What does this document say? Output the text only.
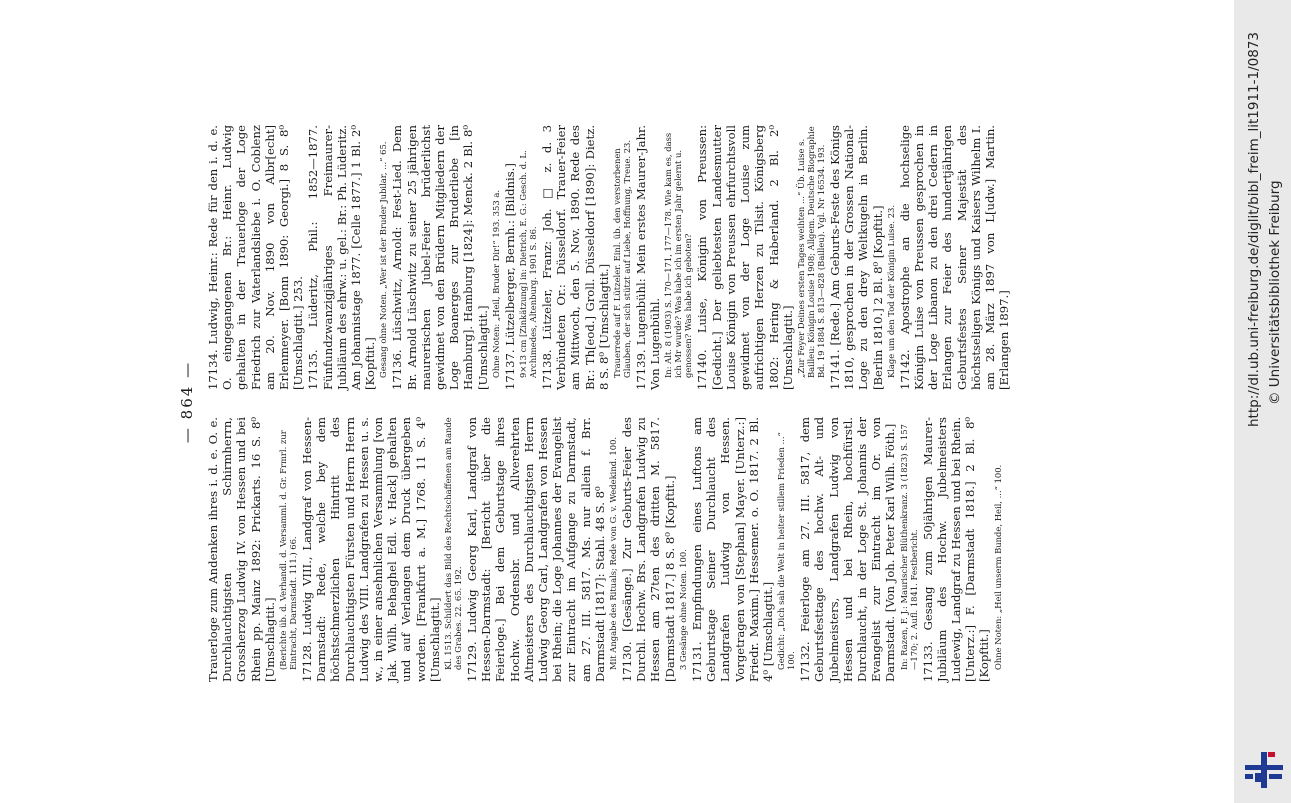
— 864 —
Trauerloge zum Andenken ihres i. d. e. O. e. Durchlauchtigsten Schirmherrn, Grossherzog Ludwig IV. von Hessen und bei Rhein pp. Mainz 1892: Prickarts. 16 S. 8⁰ [Umschlagtit.] (Berichte üb. d. Verhandl. d. Versamml. d. Gr. Frmrl. zur Eintracht, Darmstadt. 111.) 66. 17128. Ludwig VIII., Landgraf von Hessen-Darmstadt: Rede, welche bey dem höchstschmerzlichen Hintritt des Durchlauchtigsten Fürsten und Herrn Herrn Ludwig des VIII. Landgrafen zu Hessen u. s. w., in einer ansehnlichen Versammlung [von Jak. Wilh. Behaghel Edl. v. Hack] gehalten und auf Verlangen dem Druck übergeben worden. [Frankfurt a. M.] 1768. 11 S. 4⁰ [Umschlagtit.] Kl. 1513. Schildert das Bild des Rechtschaffenen am Rande des Grabes. 22. 65. 192. 17129. Ludwig Georg Karl, Landgraf von Hessen-Darmstadt: [Bericht über die Feierloge.] Bei dem Geburtstage ihres Hochw. Ordensbr. und Allverehrten Altmeisters des Durchlauchtigsten Herrn Ludwig Georg Carl, Landgrafen von Hessen bei Rhein; die Loge Johannes der Evangelist zur Eintracht im Aufgange zu Darmstadt, am 27. III. 5817. Ms. nur allein f. Brr. Darmstadt [1817]: Stahl. 48 S. 8⁰ Mit Angabe des Rituals; Rede von G. v. Wedekind. 100. 17130. [Gesänge.] Zur Geburts-Feier des Durchl. Hochw. Brs. Landgrafen Ludwig zu Hessen am 27ten des dritten M. 5817. [Darmstadt 1817.] 8 S. 8⁰ [Kopftit.] 3 Gesänge ohne Noten. 100. 17131. Empfindungen eines Luftons am Geburtstage Seiner Durchlaucht des Landgrafen Ludwig von Hessen. Vorgetragen von [Stephan] Mayer. [Unterz.:] Friedr. Maxim.] Hessemer. o. O. 1817. 2 Bl. 4⁰ [Umschlagtit.] Gedicht: „Dich sah die Welt in heiter stillem Frieden ...“ 100. 17132. Feierloge am 27. III. 5817, dem Geburtsfesttage des hochw. Alt- und Jubelmeisters, Landgrafen Ludwig von Hessen und bei Rhein, hochfürstl. Durchlaucht, in der Loge St. Johannis der Evangelist zur Eintracht im Or. von Darmstadt. [Von Joh. Peter Karl Wilh. Föth.] In: Razen, F. J.: Maurischer Blüthenkranz. 3 (1823) S. 157—170; 2. Aufl. 1841. Festbericht. 17133. Gesang zum 50jährigen Maurer-Jubiläum des Hochw. Jubelmeisters Ludewig, Landgraf zu Hessen und bei Rhein. [Unterz.:] F. [Darmstadt 1818.] 2 Bl. 8⁰ [Kopftit.] Ohne Noten: „Heil unserm Bunde, Heil, ...“ 100.
17134. Ludwig, Heinr.: Rede für den i. d. e. O. eingegangenen Br.: Heinr. Ludwig gehalten in der Trauerloge der Loge Friedrich zur Vaterlandsliebe i. O. Coblenz am 20. Nov. 1890 von Albr[echt] Erlenmeyer. [Bonn 1890: Georgi.] 8 S. 8⁰ [Umschlagtit.] 253. 17135. Lüderitz, Phil.: 1852—1877. Fünfundzwanzigjähriges Freimaurer-Jubiläum des ehrw.: u. gel.: Br.: Ph. Lüderitz. Am Johannistage 1877. [Celle 1877.] 1 Bl. 2⁰ [Kopftit.] Gesang ohne Noten. „Wer ist der Bruder Jubilar, ...“ 65. 17136. Lüschwitz, Arnold: Fest-Lied. Dem Br. Arnold Lüschwitz zu seiner 25 jährigen maurerischen Jubel-Feier brüderlichst gewidmet von den Brüdern Mitgliedern der Loge Boanerges zur Bruderliebe [in Hamburg]. Hamburg [1824]: Menck. 2 Bl. 8⁰ [Umschlagtit.] Ohne Noten: „Heil, Bruder Dir!“ 193. 353 a. 17137. Lützelberger, Bernh.: [Bildnis.] 9×13 cm [Zinkätzung] in: Dietrich, E. G.: Gesch. d. L. Archimedes, Altenburg. 1901 S. 86. 17138. Lützeler, Franz: Joh. □ z. d. 3 Verbündeten Or.: Düsseldorf. Trauer-Feier am Mittwoch, den 5. Nov. 1890. Rede des Br.: Th[eod.] Groll. Düsseldorf [1890]: Dietz. 8 S. 8⁰ [Umschlagtit.] Trauerrede auf F. Lützeler. Einl. üb. den verstorbenen Glauben, der sich stützt auf Liebe, Hoffnung, Treue. 23. 17139. Lugenbühl: Mein erstes Maurer-Jahr. Von Lugenbühl. In: Alt. 8 (1903) S. 170—171, 177—178. Wie kam es, dass ich Mr wurde? Was habe ich im ersten Jahr gelernt u. genossen? Was habe ich geboten? 17140. Luise, Königin von Preussen: [Gedicht.] Der geliebtesten Landesmutter Louise Königin von Preussen ehrfurchtsvoll gewidmet von der Loge Louise zum aufrichtigen Herzen zu Tilsit. Königsberg 1802: Hering & Haberland. 2 Bl. 2⁰ [Umschlagtit.] „Zur Feyer Deines ersten Tages weihten ...“ Üb. Luise s. Bailleu: Königin Louise 1908; Allgem. Deutsche Biographie Bd. 19 1884 S. 813—828 (Bailleu). Vgl. Nr 16534. 193. 17141. [Rede.] Am Geburts-Feste des Königs 1810, gesprochen in der Grossen National-Loge zu den drey Weltkugeln in Berlin. [Berlin 1810.] 2 Bl. 8⁰ [Kopftit.] Klage um den Tod der Königin Luise. 23. 17142. Apostrophe an die hochselige Königin Luise von Preussen gesprochen in der Loge Libanon zu den drei Cedern in Erlangen zur Feier des hundertjährigen Geburtsfestes Seiner Majestät des höchstseligen Königs und Kaisers Wilhelm I. am 28. März 1897 von L[udw.] Martin. [Erlangen 1897.]	http://dl.ub.uni-freiburg.de/diglit/bibl_freim_lit1911-1/0873 © Universitätsbibliothek Freiburg
